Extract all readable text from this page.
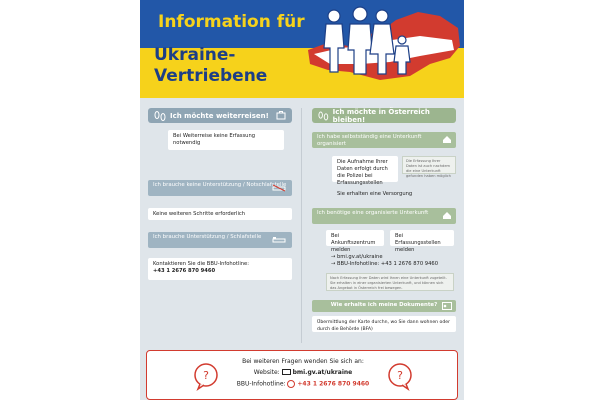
Information für
Ukraine-
Vertriebene
Ich möchte weiterreisen!
Bei Weiterreise keine Erfassung notwendig
Ich brauche keine Unterstützung / Notschlafstelle
Keine weiteren Schritte erforderlich
Ich brauche Unterstützung / Schlafstelle
Kontaktieren Sie die BBU-Infohotline:
+43 1 2676 870 9460
Ich möchte in Österreich bleiben!
Ich habe selbstständig eine Unterkunft organisiert
Die Aufnahme Ihrer Daten erfolgt durch die Polizei bei Erfassungsstellen
Die Erfassung Ihrer Daten ist auch nachdem die eine Unterkunft gefunden haben möglich
Sie erhalten eine Versorgung
Ich benötige eine organisierte Unterkunft
Bei Ankunftszentrum melden
Bei Erfassungsstellen melden
→ bmi.gv.at/ukraine
→ BBU-Infohotline: +43 1 2676 870 9460
Nach Erfassung Ihrer Daten wird Ihnen eine Unterkunft zugeteilt. Sie erhalten in einer organisierten Unterkunft, und können sich das Angebot in Österreich frei bewegen.
Wie erhalte ich meine Dokumente?
Übermittlung der Karte durchn, wo Sie dann wohnen oder durch die Behörde (BFA)
?	?
Bei weiteren Fragen wenden Sie sich an:
Website: bmi.gv.at/ukraine
BBU-Infohotline: +43 1 2676 870 9460
